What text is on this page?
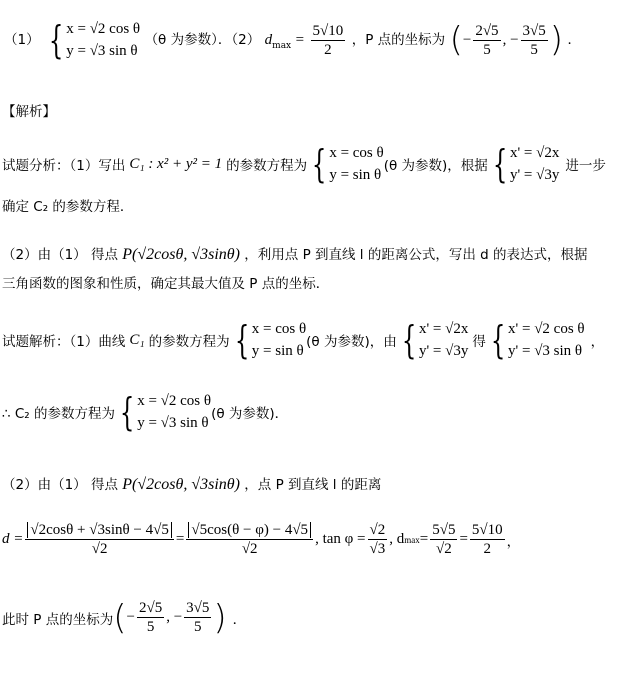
（1） { x = √2 cos θ
y = √3 sin θ
（θ 为参数）．（2） $d_{max} = \frac{5√10}{2}$ ，P 点的坐标为 (− $\frac{2√5}{5}$ , − $\frac{3√5}{5}$ ) ．
【解析】
试题分析：（1）写出 C₁ : x² + y² = 1 的参数方程为 { x = cos θ
y = sin θ
(θ 为参数)，根据 { x' = √2x
y' = √3y
进一步
确定 C₂ 的参数方程．
（2）由（1） 得点 P(√2cosθ, √3sinθ) ，利用点 P 到直线 l 的距离公式，写出 d 的表达式，根据
三角函数的图象和性质，确定其最大值及 P 点的坐标．
试题解析：（1）曲线 C₁ 的参数方程为 { x = cos θ
y = sin θ
(θ 为参数)，由 { x' = √2x
y' = √3y
得 { x' = √2 cos θ
y' = √3 sin θ
，
∴ C₂ 的参数方程为 { x = √2 cos θ
y = √3 sin θ
(θ 为参数)．
（2）由（1） 得点 P(√2cosθ, √3sinθ) ，点 P 到直线 l 的距离
$d = \frac{√2\cos\theta + √3\sin\theta - 4√5}{√2} = \frac{√5\cos(\theta - \varphi) - 4√5}{√2}$ , $\tan \varphi = \frac{√2}{√3}$ , d $\max = \frac{5√5}{√2} = \frac{5√10}{2}$ ，
此时 P 点的坐标为 ( − $\frac{2√5}{5}$ , − $\frac{3√5}{5}$ ) ．
